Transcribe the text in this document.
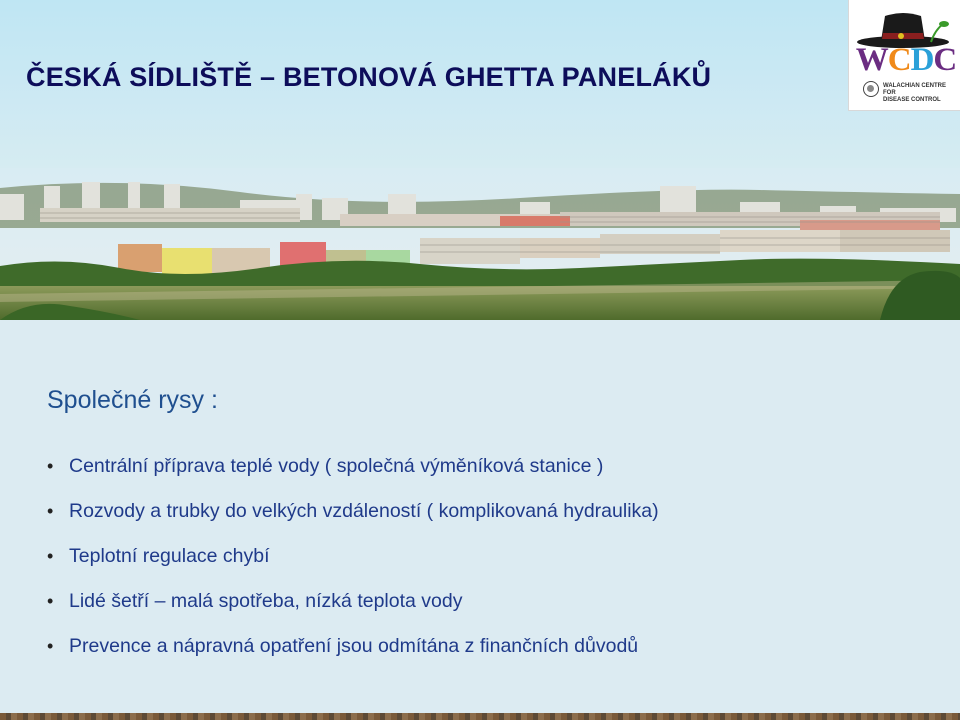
ČESKÁ SÍDLIŠTĚ – BETONOVÁ GHETTA PANELÁKŮ	WCDC
WALACHIAN CENTRE FOR
DISEASE CONTROL
Společné rysy :
• Centrální příprava teplé vody ( společná výměníková stanice )
• Rozvody a trubky do velkých vzdáleností ( komplikovaná hydraulika)
• Teplotní regulace chybí
• Lidé šetří – malá spotřeba, nízká teplota vody
• Prevence a nápravná opatření jsou odmítána z finančních důvodů
